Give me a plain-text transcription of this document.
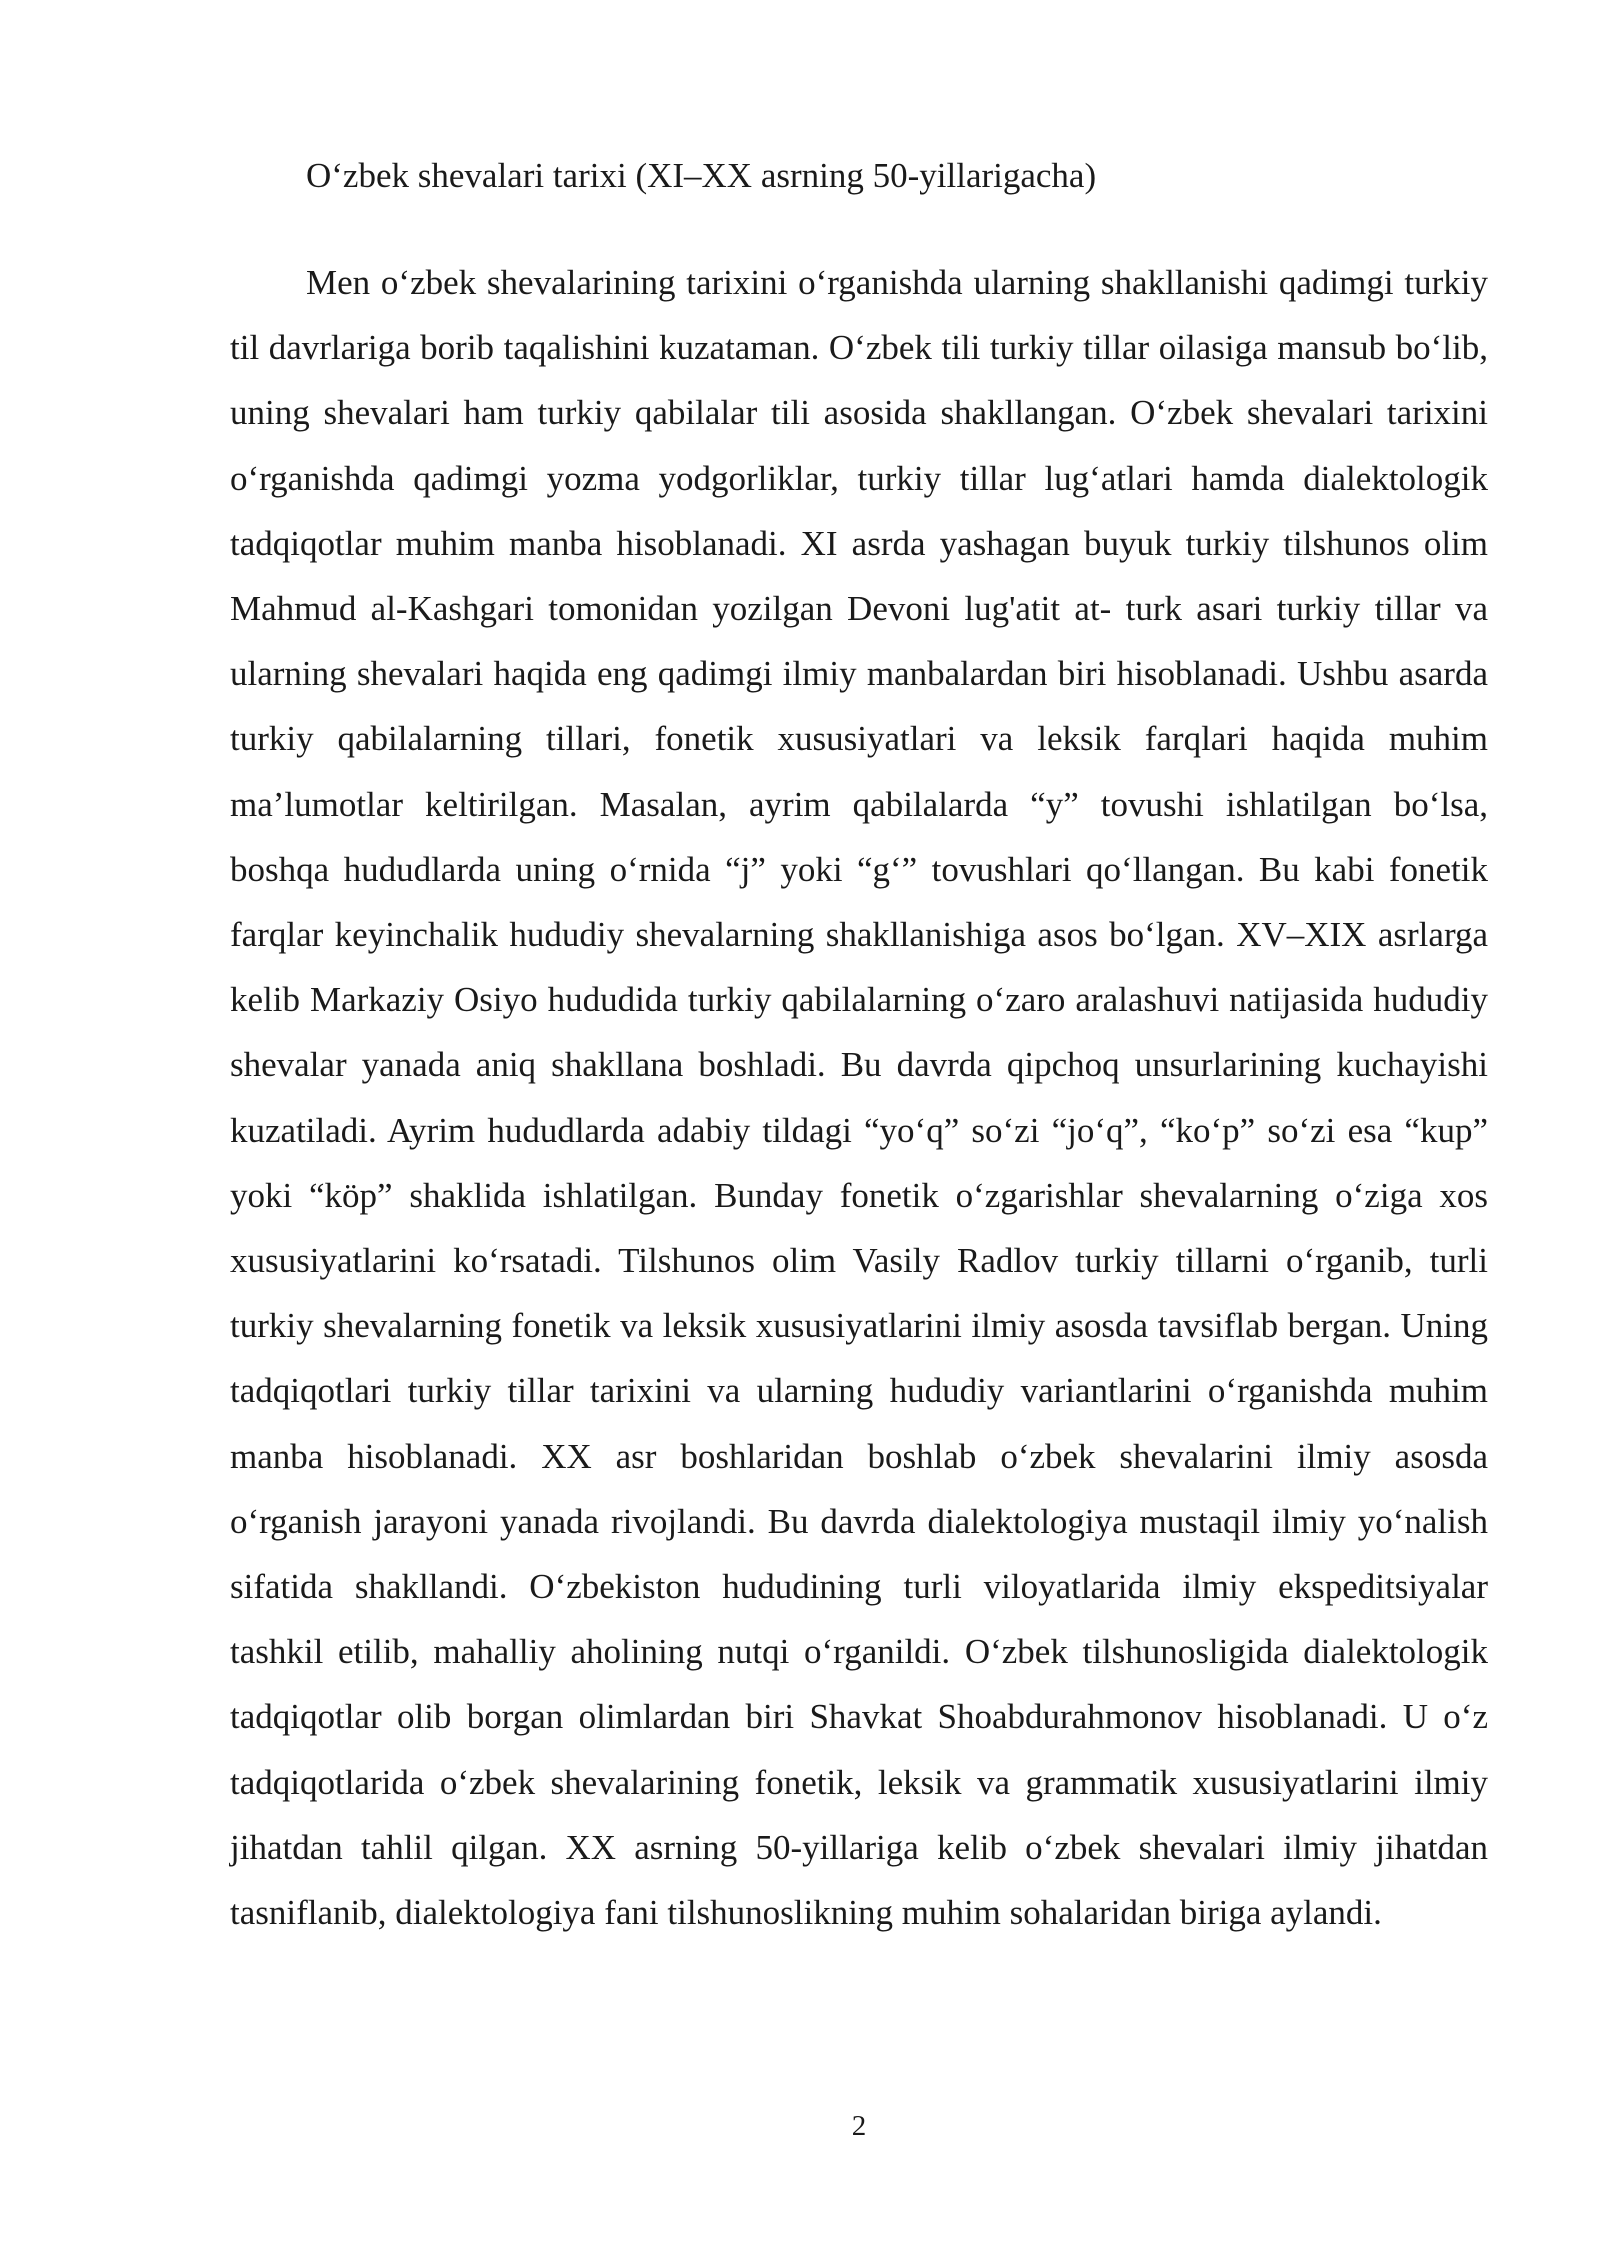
O‘zbek shevalari tarixi (XI–XX asrning 50-yillarigacha)

Men o‘zbek shevalarining tarixini o‘rganishda ularning shakllanishi qadimgi turkiy til davrlariga borib taqalishini kuzataman. O‘zbek tili turkiy tillar oilasiga mansub bo‘lib, uning shevalari ham turkiy qabilalar tili asosida shakllangan. O‘zbek shevalari tarixini o‘rganishda qadimgi yozma yodgorliklar, turkiy tillar lug‘atlari hamda dialektologik tadqiqotlar muhim manba hisoblanadi. XI asrda yashagan buyuk turkiy tilshunos olim Mahmud al-Kashgari tomonidan yozilgan Devoni lug'atit at- turk asari turkiy tillar va ularning shevalari haqida eng qadimgi ilmiy manbalardan biri hisoblanadi. Ushbu asarda turkiy qabilalarning tillari, fonetik xususiyatlari va leksik farqlari haqida muhim ma’lumotlar keltirilgan. Masalan, ayrim qabilalarda “y” tovushi ishlatilgan bo‘lsa, boshqa hududlarda uning o‘rnida “j” yoki “g‘” tovushlari qo‘llangan. Bu kabi fonetik farqlar keyinchalik hududiy shevalarning shakllanishiga asos bo‘lgan. XV–XIX asrlarga kelib Markaziy Osiyo hududida turkiy qabilalarning o‘zaro aralashuvi natijasida hududiy shevalar yanada aniq shakllana boshladi. Bu davrda qipchoq unsurlarining kuchayishi kuzatiladi. Ayrim hududlarda adabiy tildagi “yo‘q” so‘zi “jo‘q”, “ko‘p” so‘zi esa “kup” yoki “köp” shaklida ishlatilgan. Bunday fonetik o‘zgarishlar shevalarning o‘ziga xos xususiyatlarini ko‘rsatadi. Tilshunos olim Vasily Radlov turkiy tillarni o‘rganib, turli turkiy shevalarning fonetik va leksik xususiyatlarini ilmiy asosda tavsiflab bergan. Uning tadqiqotlari turkiy tillar tarixini va ularning hududiy variantlarini o‘rganishda muhim manba hisoblanadi. XX asr boshlaridan boshlab o‘zbek shevalarini ilmiy asosda o‘rganish jarayoni yanada rivojlandi. Bu davrda dialektologiya mustaqil ilmiy yo‘nalish sifatida shakllandi. O‘zbekiston hududining turli viloyatlarida ilmiy ekspeditsiyalar tashkil etilib, mahalliy aholining nutqi o‘rganildi. O‘zbek tilshunosligida dialektologik tadqiqotlar olib borgan olimlardan biri Shavkat Shoabdurahmonov hisoblanadi. U o‘z tadqiqotlarida o‘zbek shevalarining fonetik, leksik va grammatik xususiyatlarini ilmiy jihatdan tahlil qilgan. XX asrning 50-yillariga kelib o‘zbek shevalari ilmiy jihatdan tasniflanib, dialektologiya fani tilshunoslikning muhim sohalaridan biriga aylandi.

2
